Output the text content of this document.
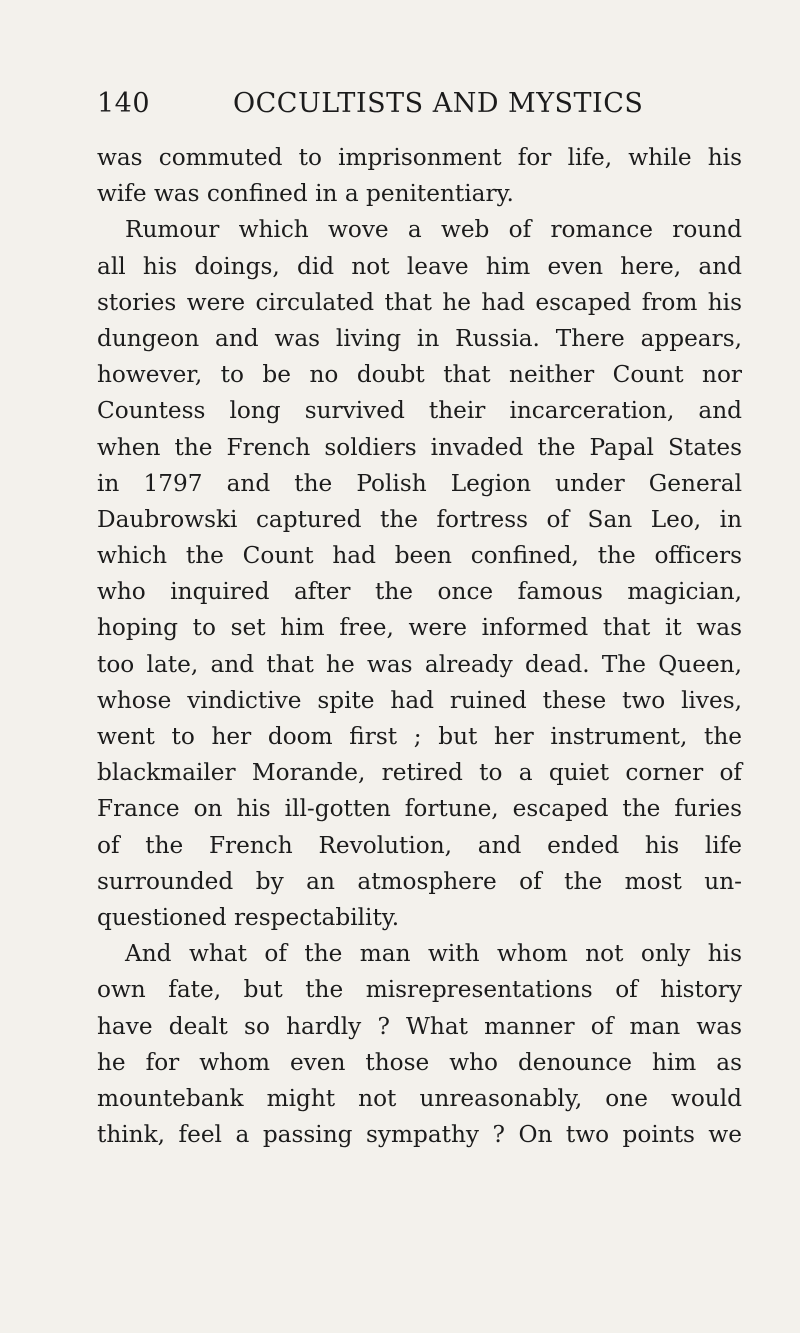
140	OCCULTISTS AND MYSTICS
was commuted to imprisonment for life, while his
wife was confined in a penitentiary.
Rumour which wove a web of romance round
all his doings, did not leave him even here, and
stories were circulated that he had escaped from his
dungeon and was living in Russia. There appears,
however, to be no doubt that neither Count nor
Countess long survived their incarceration, and
when the French soldiers invaded the Papal States
in 1797 and the Polish Legion under General
Daubrowski captured the fortress of San Leo, in
which the Count had been confined, the officers
who inquired after the once famous magician,
hoping to set him free, were informed that it was
too late, and that he was already dead. The Queen,
whose vindictive spite had ruined these two lives,
went to her doom first ; but her instrument, the
blackmailer Morande, retired to a quiet corner of
France on his ill-gotten fortune, escaped the furies
of the French Revolution, and ended his life
surrounded by an atmosphere of the most un-
questioned respectability.
And what of the man with whom not only his
own fate, but the misrepresentations of history
have dealt so hardly ? What manner of man was
he for whom even those who denounce him as
mountebank might not unreasonably, one would
think, feel a passing sympathy ? On two points we
